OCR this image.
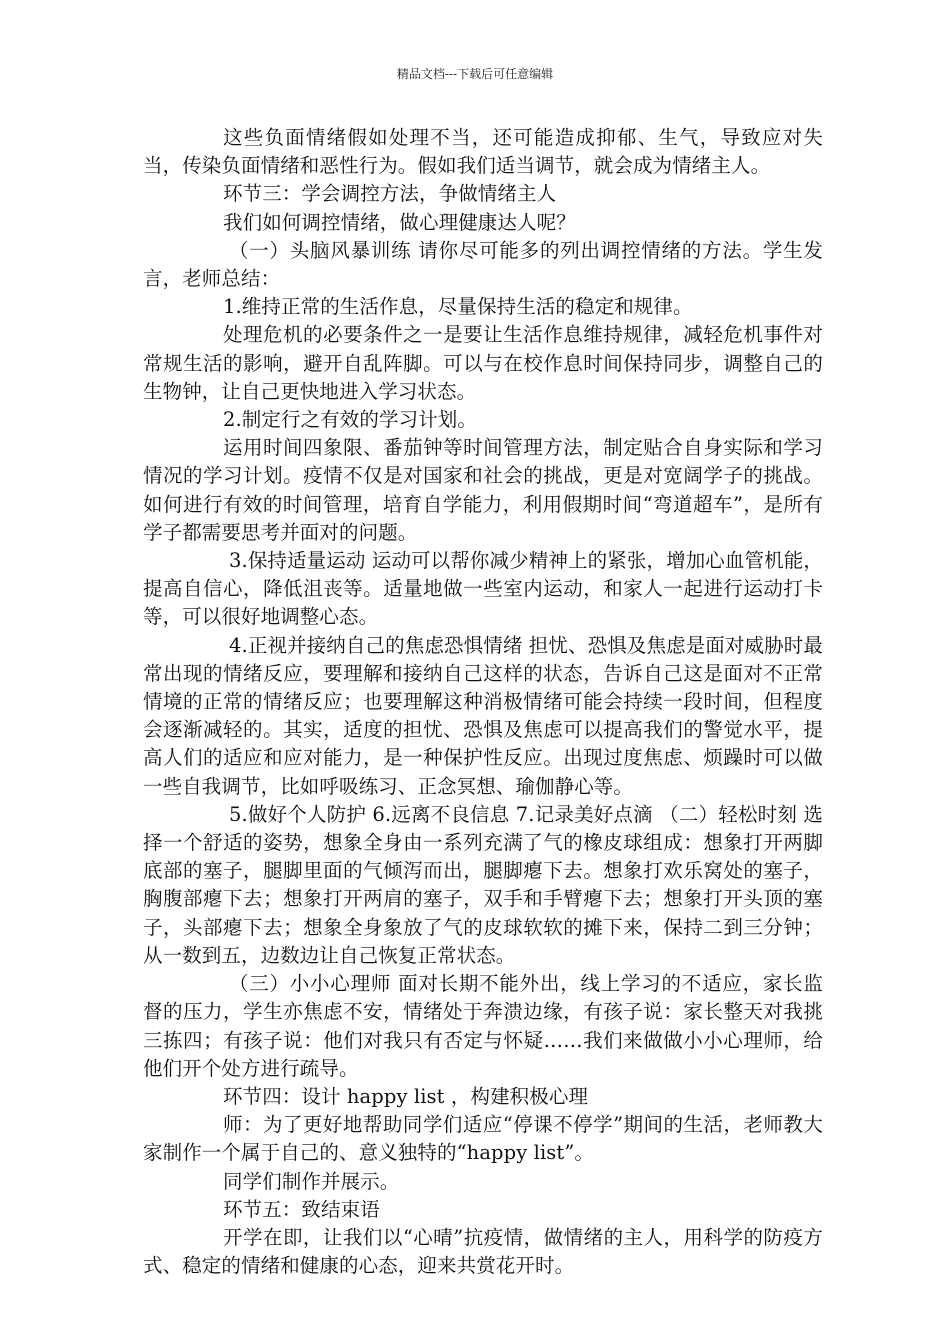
精品文档---下载后可任意编辑

这些负面情绪假如处理不当，还可能造成抑郁、生气，导致应对失当，传染负面情绪和恶性行为。假如我们适当调节，就会成为情绪主人。

环节三：学会调控方法，争做情绪主人

我们如何调控情绪，做心理健康达人呢？

（一）头脑风暴训练 请你尽可能多的列出调控情绪的方法。学生发言，老师总结：

1.维持正常的生活作息，尽量保持生活的稳定和规律。

处理危机的必要条件之一是要让生活作息维持规律，减轻危机事件对常规生活的影响，避开自乱阵脚。可以与在校作息时间保持同步，调整自己的生物钟，让自己更快地进入学习状态。

2.制定行之有效的学习计划。

运用时间四象限、番茄钟等时间管理方法，制定贴合自身实际和学习情况的学习计划。疫情不仅是对国家和社会的挑战，更是对宽阔学子的挑战。如何进行有效的时间管理，培育自学能力，利用假期时间“弯道超车”，是所有学子都需要思考并面对的问题。

3.保持适量运动 运动可以帮你减少精神上的紧张，增加心血管机能，提高自信心，降低沮丧等。适量地做一些室内运动，和家人一起进行运动打卡等，可以很好地调整心态。

4.正视并接纳自己的焦虑恐惧情绪 担忧、恐惧及焦虑是面对威胁时最常出现的情绪反应，要理解和接纳自己这样的状态，告诉自己这是面对不正常情境的正常的情绪反应；也要理解这种消极情绪可能会持续一段时间，但程度会逐渐减轻的。其实，适度的担忧、恐惧及焦虑可以提高我们的警觉水平，提高人们的适应和应对能力，是一种保护性反应。出现过度焦虑、烦躁时可以做一些自我调节，比如呼吸练习、正念冥想、瑜伽静心等。

5.做好个人防护 6.远离不良信息 7.记录美好点滴 （二）轻松时刻 选择一个舒适的姿势，想象全身由一系列充满了气的橡皮球组成：想象打开两脚底部的塞子，腿脚里面的气倾泻而出，腿脚瘪下去。想象打欢乐窝处的塞子，胸腹部瘪下去；想象打开两肩的塞子，双手和手臂瘪下去；想象打开头顶的塞子，头部瘪下去；想象全身象放了气的皮球软软的摊下来，保持二到三分钟；从一数到五，边数边让自己恢复正常状态。

（三）小小心理师 面对长期不能外出，线上学习的不适应，家长监督的压力，学生亦焦虑不安，情绪处于奔溃边缘，有孩子说：家长整天对我挑三拣四；有孩子说：他们对我只有否定与怀疑……我们来做做小小心理师，给他们开个处方进行疏导。

环节四：设计 happy list ，构建积极心理

师：为了更好地帮助同学们适应“停课不停学”期间的生活，老师教大家制作一个属于自己的、意义独特的“happy list”。

同学们制作并展示。

环节五：致结束语

开学在即，让我们以“心晴”抗疫情，做情绪的主人，用科学的防疫方式、稳定的情绪和健康的心态，迎来共赏花开时。
